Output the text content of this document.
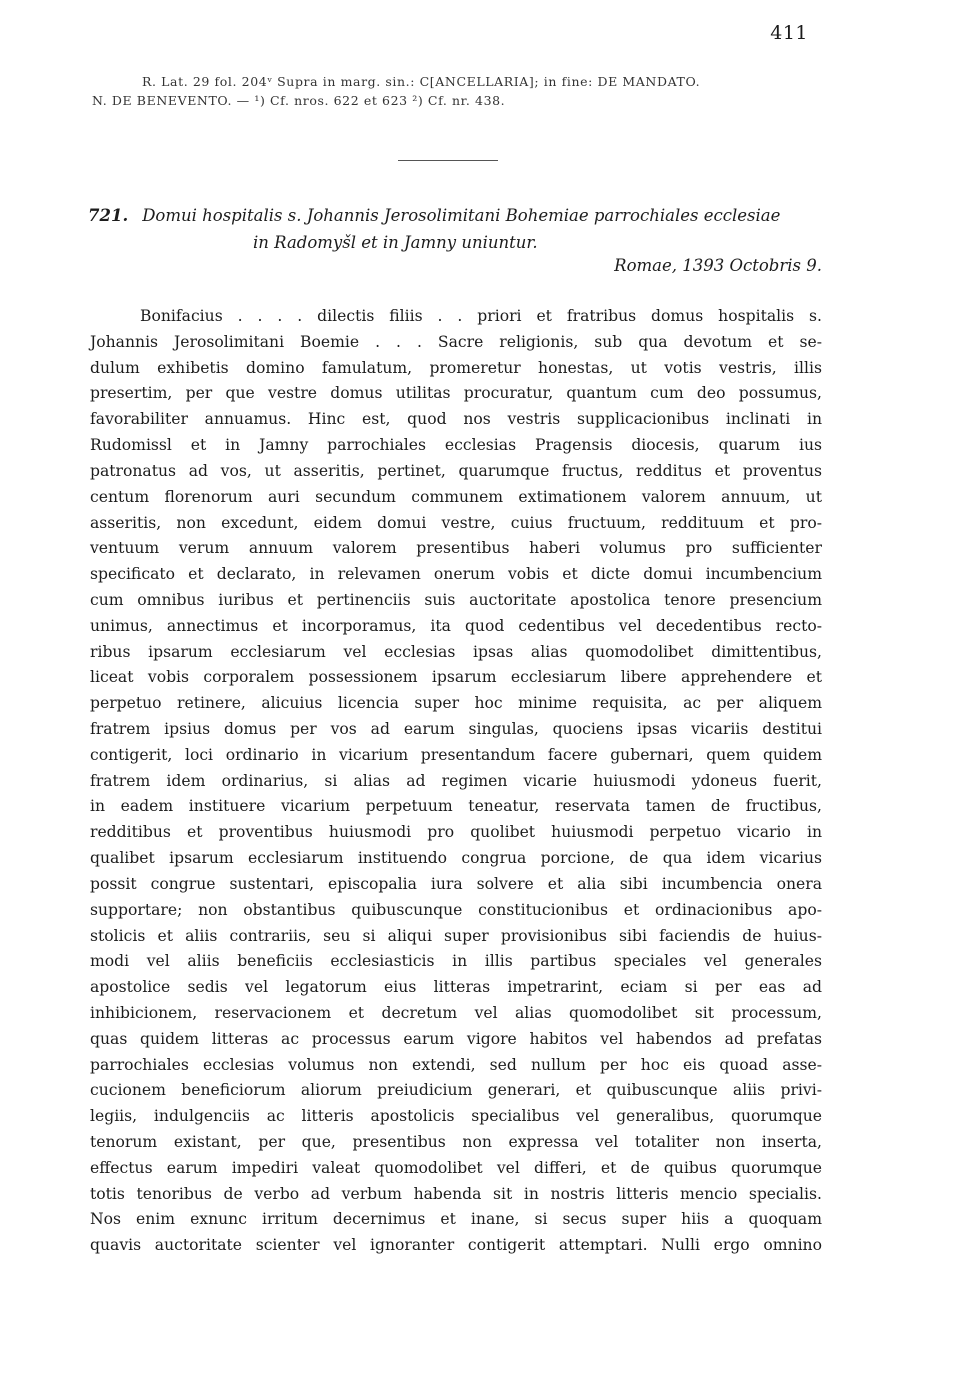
411
R. Lat. 29 fol. 204ᵛ Supra in marg. sin.: C[ANCELLARIA]; in fine: DE MANDATO.
N. DE BENEVENTO. — ¹) Cf. nros. 622 et 623 ²) Cf. nr. 438.
721. Domui hospitalis s. Johannis Jerosolimitani Bohemiae parrochiales ecclesiae
in Radomyšl et in Jamny uniuntur.
Romae, 1393 Octobris 9.
Bonifacius . . . . dilectis filiis . . priori et fratribus domus hospitalis s.
Johannis Jerosolimitani Boemie . . . Sacre religionis, sub qua devotum et se-
dulum exhibetis domino famulatum, promeretur honestas, ut votis vestris, illis
presertim, per que vestre domus utilitas procuratur, quantum cum deo possumus,
favorabiliter annuamus. Hinc est, quod nos vestris supplicacionibus inclinati in
Rudomissl et in Jamny parrochiales ecclesias Pragensis diocesis, quarum ius
patronatus ad vos, ut asseritis, pertinet, quarumque fructus, redditus et proventus
centum florenorum auri secundum communem extimationem valorem annuum, ut
asseritis, non excedunt, eidem domui vestre, cuius fructuum, reddituum et pro-
ventuum verum annuum valorem presentibus haberi volumus pro sufficienter
specificato et declarato, in relevamen onerum vobis et dicte domui incumbencium
cum omnibus iuribus et pertinenciis suis auctoritate apostolica tenore presencium
unimus, annectimus et incorporamus, ita quod cedentibus vel decedentibus recto-
ribus ipsarum ecclesiarum vel ecclesias ipsas alias quomodolibet dimittentibus,
liceat vobis corporalem possessionem ipsarum ecclesiarum libere apprehendere et
perpetuo retinere, alicuius licencia super hoc minime requisita, ac per aliquem
fratrem ipsius domus per vos ad earum singulas, quociens ipsas vicariis destitui
contigerit, loci ordinario in vicarium presentandum facere gubernari, quem quidem
fratrem idem ordinarius, si alias ad regimen vicarie huiusmodi ydoneus fuerit,
in eadem instituere vicarium perpetuum teneatur, reservata tamen de fructibus,
redditibus et proventibus huiusmodi pro quolibet huiusmodi perpetuo vicario in
qualibet ipsarum ecclesiarum instituendo congrua porcione, de qua idem vicarius
possit congrue sustentari, episcopalia iura solvere et alia sibi incumbencia onera
supportare; non obstantibus quibuscunque constitucionibus et ordinacionibus apo-
stolicis et aliis contrariis, seu si aliqui super provisionibus sibi faciendis de huius-
modi vel aliis beneficiis ecclesiasticis in illis partibus speciales vel generales
apostolice sedis vel legatorum eius litteras impetrarint, eciam si per eas ad
inhibicionem, reservacionem et decretum vel alias quomodolibet sit processum,
quas quidem litteras ac processus earum vigore habitos vel habendos ad prefatas
parrochiales ecclesias volumus non extendi, sed nullum per hoc eis quoad asse-
cucionem beneficiorum aliorum preiudicium generari, et quibuscunque aliis privi-
legiis, indulgenciis ac litteris apostolicis specialibus vel generalibus, quorumque
tenorum existant, per que, presentibus non expressa vel totaliter non inserta,
effectus earum impediri valeat quomodolibet vel differi, et de quibus quorumque
totis tenoribus de verbo ad verbum habenda sit in nostris litteris mencio specialis.
Nos enim exnunc irritum decernimus et inane, si secus super hiis a quoquam
quavis auctoritate scienter vel ignoranter contigerit attemptari. Nulli ergo omnino
